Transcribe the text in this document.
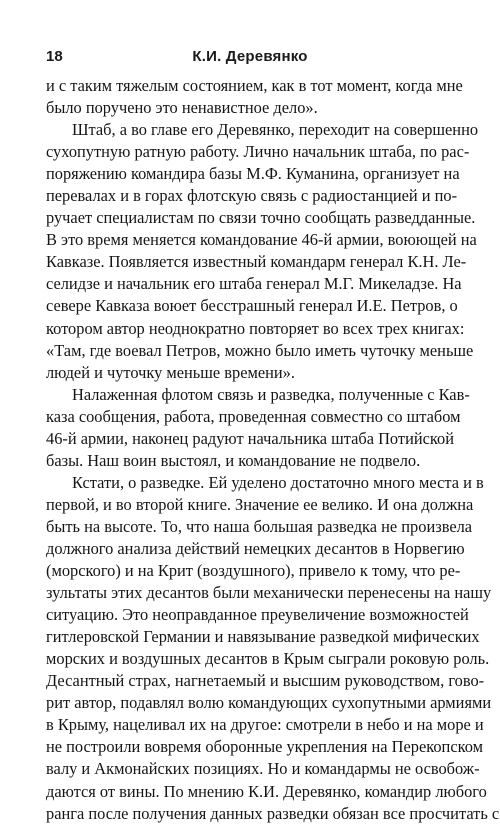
18	К.И. Деревянко

и с таким тяжелым состоянием, как в тот момент, когда мне
было поручено это ненавистное дело».

Штаб, а во главе его Деревянко, переходит на совершенно
сухопутную ратную работу. Лично начальник штаба, по рас-
поряжению командира базы М.Ф. Куманина, организует на
перевалах и в горах флотскую связь с радиостанцией и по-
ручает специалистам по связи точно сообщать разведданные.
В это время меняется командование 46-й армии, воюющей на
Кавказе. Появляется известный командарм генерал К.Н. Ле-
селидзе и начальник его штаба генерал М.Г. Микеладзе. На
севере Кавказа воюет бесстрашный генерал И.Е. Петров, о
котором автор неоднократно повторяет во всех трех книгах:
«Там, где воевал Петров, можно было иметь чуточку меньше
людей и чуточку меньше времени».

Налаженная флотом связь и разведка, полученные с Кав-
каза сообщения, работа, проведенная совместно со штабом
46-й армии, наконец радуют начальника штаба Потийской
базы. Наш воин выстоял, и командование не подвело.

Кстати, о разведке. Ей уделено достаточно много места и в
первой, и во второй книге. Значение ее велико. И она должна
быть на высоте. То, что наша большая разведка не произвела
должного анализа действий немецких десантов в Норвегию
(морского) и на Крит (воздушного), привело к тому, что ре-
зультаты этих десантов были механически перенесены на нашу
ситуацию. Это неоправданное преувеличение возможностей
гитлеровской Германии и навязывание разведкой мифических
морских и воздушных десантов в Крым сыграли роковую роль.
Десантный страх, нагнетаемый и высшим руководством, гово-
рит автор, подавлял волю командующих сухопутными армиями
в Крыму, нацеливал их на другое: смотрели в небо и на море и
не построили вовремя оборонные укрепления на Перекопском
валу и Акмонайских позициях. Но и командармы не освобож-
даются от вины. По мнению К.И. Деревянко, командир любого
ранга после получения данных разведки обязан все просчитать с
